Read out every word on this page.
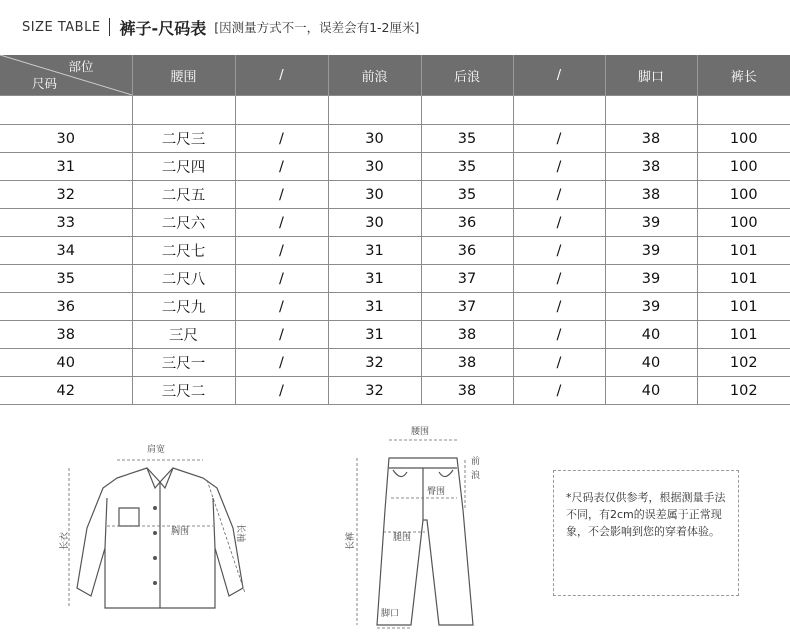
SIZE TABLE 裤子-尺码表 [因测量方式不一，误差会有1-2厘米]
部位
尺码	腰围	/	前浪	后浪	/	脚口	裤长

30	二尺三	/	30	35	/	38	100
31	二尺四	/	30	35	/	38	100
32	二尺五	/	30	35	/	38	100
33	二尺六	/	30	36	/	39	100
34	二尺七	/	31	36	/	39	101
35	二尺八	/	31	37	/	39	101
36	二尺九	/	31	37	/	39	101
38	三尺	/	31	38	/	40	101
40	三尺一	/	32	38	/	40	102
42	三尺二	/	32	38	/	40	102
肩宽
胸围
长衣	长袖
腰围
前
浪
臀围
腿围
长裤
脚口
*尺码表仅供参考，根据测量手法不同，有2cm的误差属于正常现象，不会影响到您的穿着体验。
